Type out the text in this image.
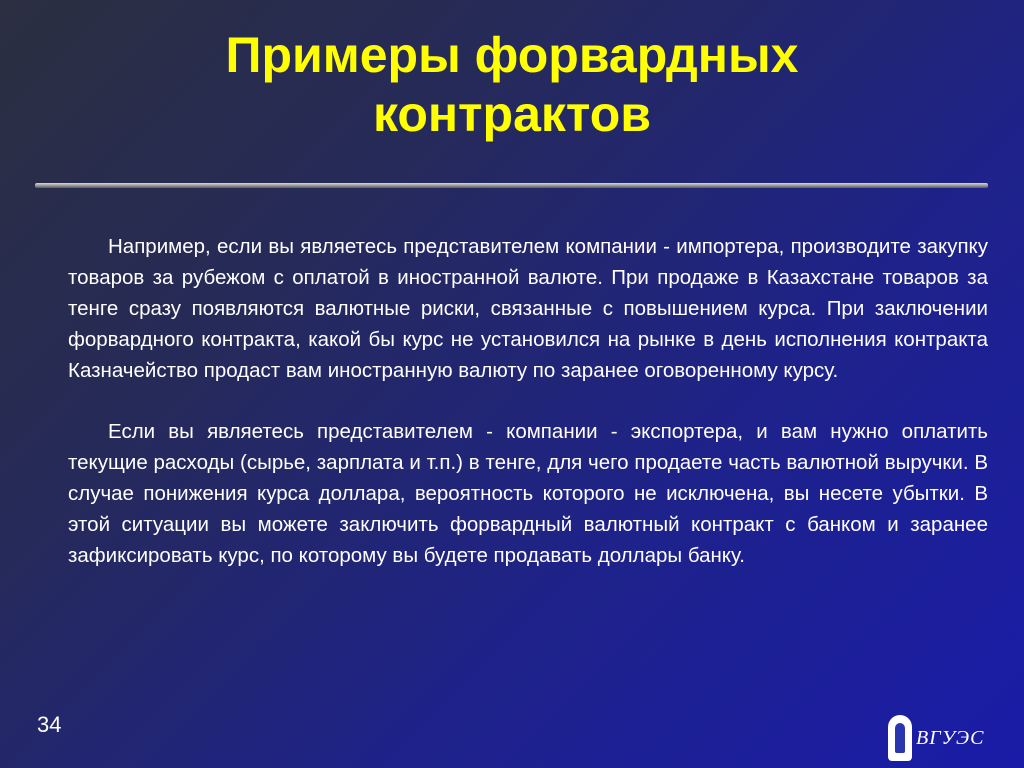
Примеры форвардных
контрактов

Например, если вы являетесь представителем компании - импортера, производите закупку товаров за рубежом с оплатой в иностранной валюте. При продаже в Казахстане товаров за тенге сразу появляются валютные риски, связанные с повышением курса. При заключении форвардного контракта, какой бы курс не установился на рынке в день исполнения контракта Казначейство продаст вам иностранную валюту по заранее оговоренному курсу.

Если вы являетесь представителем - компании - экспортера, и вам нужно оплатить текущие расходы (сырье, зарплата и т.п.) в тенге, для чего продаете часть валютной выручки. В случае понижения курса доллара, вероятность которого не исключена, вы несете убытки. В этой ситуации вы можете заключить форвардный валютный контракт с банком и заранее зафиксировать курс, по которому вы будете продавать доллары банку.

34
ВГУЭС
